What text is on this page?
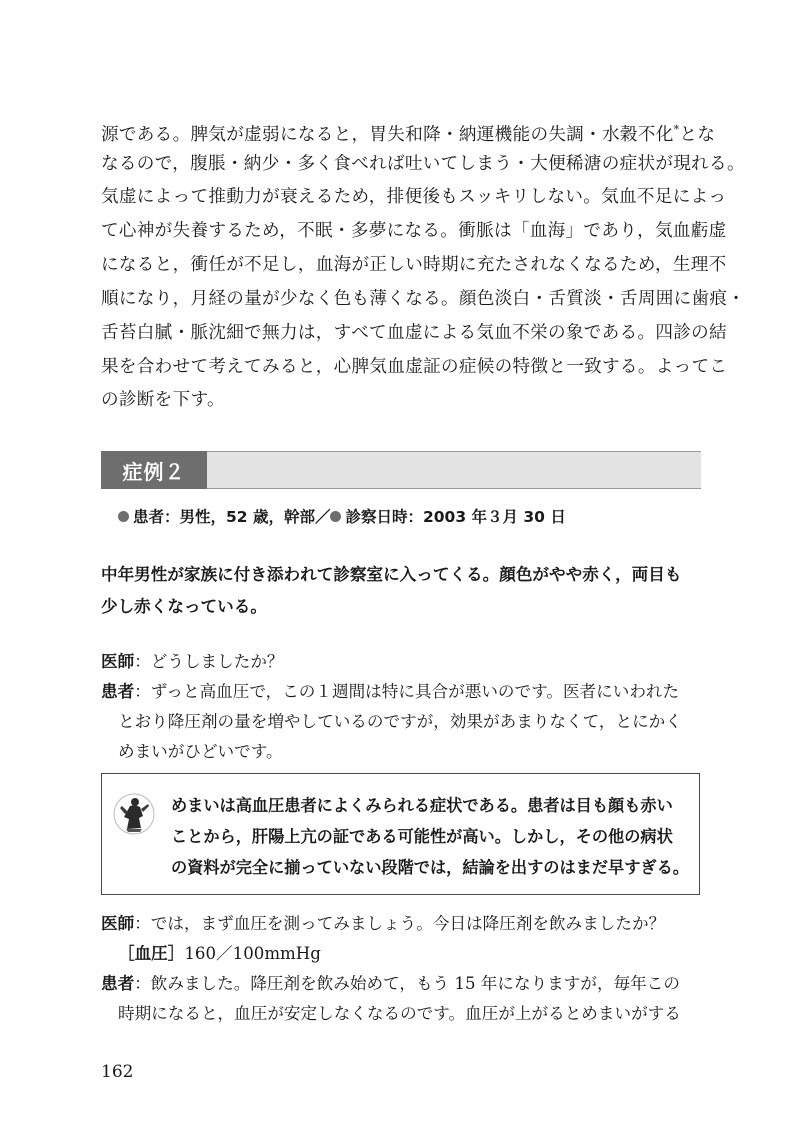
源である。脾気が虚弱になると，胃失和降・納運機能の失調・水穀不化*とな
なるので，腹脹・納少・多く食べれば吐いてしまう・大便稀溏の症状が現れる。
気虚によって推動力が衰えるため，排便後もスッキリしない。気血不足によっ
て心神が失養するため，不眠・多夢になる。衝脈は「血海」であり，気血虧虚
になると，衝任が不足し，血海が正しい時期に充たされなくなるため，生理不
順になり，月経の量が少なく色も薄くなる。顔色淡白・舌質淡・舌周囲に歯痕・
舌苔白膩・脈沈細で無力は，すべて血虚による気血不栄の象である。四診の結
果を合わせて考えてみると，心脾気血虚証の症候の特徴と一致する。よってこ
の診断を下す。
症例２
患者：男性，52 歳，幹部／ 診察日時：2003 年３月 30 日
中年男性が家族に付き添われて診察室に入ってくる。顔色がやや赤く，両目も
少し赤くなっている。
医師：どうしましたか？
患者：ずっと高血圧で，この１週間は特に具合が悪いのです。医者にいわれた
とおり降圧剤の量を増やしているのですが，効果があまりなくて，とにかく
めまいがひどいです。
めまいは高血圧患者によくみられる症状である。患者は目も顔も赤い
ことから，肝陽上亢の証である可能性が高い。しかし，その他の病状
の資料が完全に揃っていない段階では，結論を出すのはまだ早すぎる。
医師：では，まず血圧を測ってみましょう。今日は降圧剤を飲みましたか？
［血圧］160／100mmHg
患者：飲みました。降圧剤を飲み始めて，もう 15 年になりますが，毎年この
時期になると，血圧が安定しなくなるのです。血圧が上がるとめまいがする
162
